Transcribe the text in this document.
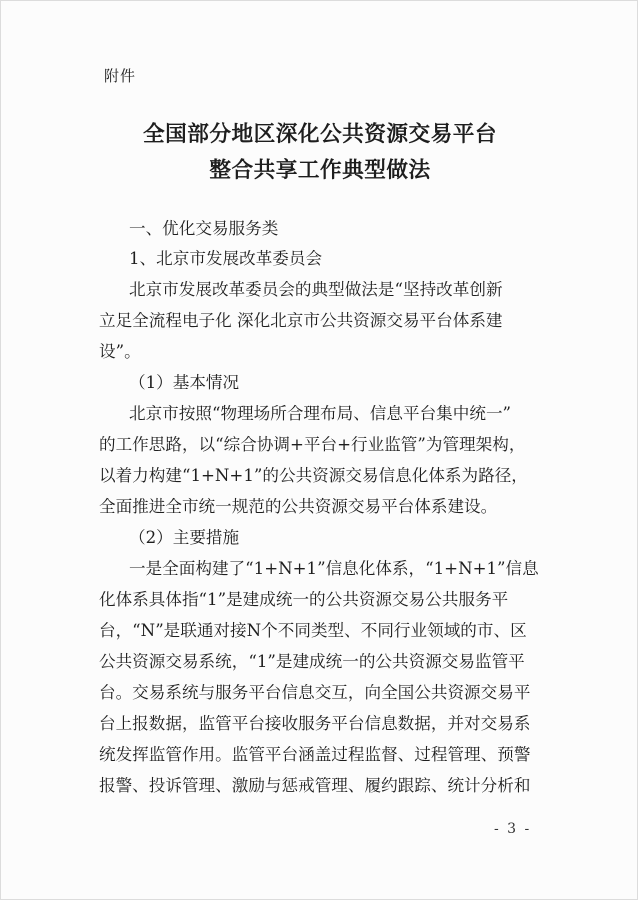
附件
全国部分地区深化公共资源交易平台
整合共享工作典型做法
一、优化交易服务类
1、北京市发展改革委员会
北京市发展改革委员会的典型做法是“坚持改革创新
立足全流程电子化 深化北京市公共资源交易平台体系建
设”。
（1）基本情况
北京市按照“物理场所合理布局、信息平台集中统一”
的工作思路，以“综合协调+平台+行业监管”为管理架构，
以着力构建“1+N+1”的公共资源交易信息化体系为路径，
全面推进全市统一规范的公共资源交易平台体系建设。
（2）主要措施
一是全面构建了“1+N+1”信息化体系，“1+N+1”信息
化体系具体指“1”是建成统一的公共资源交易公共服务平
台，“N”是联通对接N个不同类型、不同行业领域的市、区
公共资源交易系统，“1”是建成统一的公共资源交易监管平
台。交易系统与服务平台信息交互，向全国公共资源交易平
台上报数据，监管平台接收服务平台信息数据，并对交易系
统发挥监管作用。监管平台涵盖过程监督、过程管理、预警
报警、投诉管理、激励与惩戒管理、履约跟踪、统计分析和
- 3 -
